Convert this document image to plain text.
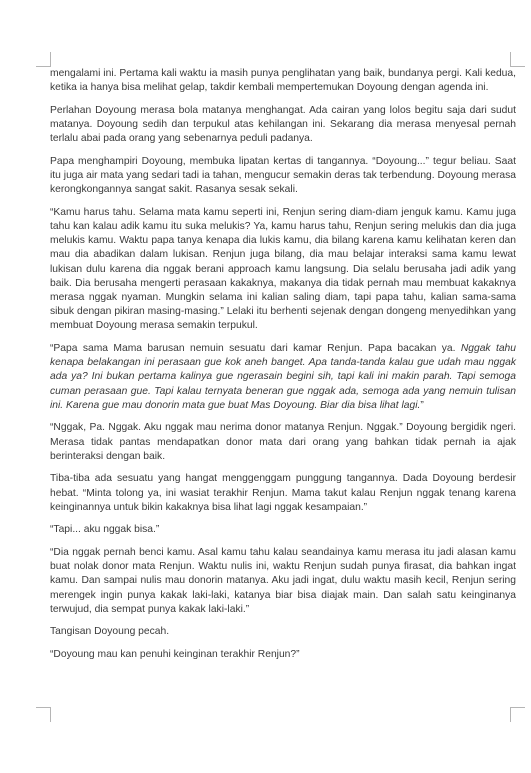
mengalami ini. Pertama kali waktu ia masih punya penglihatan yang baik, bundanya pergi. Kali kedua, ketika ia hanya bisa melihat gelap, takdir kembali mempertemukan Doyoung dengan agenda ini.

Perlahan Doyoung merasa bola matanya menghangat. Ada cairan yang lolos begitu saja dari sudut matanya. Doyoung sedih dan terpukul atas kehilangan ini. Sekarang dia merasa menyesal pernah terlalu abai pada orang yang sebenarnya peduli padanya.

Papa menghampiri Doyoung, membuka lipatan kertas di tangannya. “Doyoung...” tegur beliau. Saat itu juga air mata yang sedari tadi ia tahan, mengucur semakin deras tak terbendung. Doyoung merasa kerongkongannya sangat sakit. Rasanya sesak sekali.

“Kamu harus tahu. Selama mata kamu seperti ini, Renjun sering diam-diam jenguk kamu. Kamu juga tahu kan kalau adik kamu itu suka melukis? Ya, kamu harus tahu, Renjun sering melukis dan dia juga melukis kamu. Waktu papa tanya kenapa dia lukis kamu, dia bilang karena kamu kelihatan keren dan mau dia abadikan dalam lukisan. Renjun juga bilang, dia mau belajar interaksi sama kamu lewat lukisan dulu karena dia nggak berani approach kamu langsung. Dia selalu berusaha jadi adik yang baik. Dia berusaha mengerti perasaan kakaknya, makanya dia tidak pernah mau membuat kakaknya merasa nggak nyaman. Mungkin selama ini kalian saling diam, tapi papa tahu, kalian sama-sama sibuk dengan pikiran masing-masing.” Lelaki itu berhenti sejenak dengan dongeng menyedihkan yang membuat Doyoung merasa semakin terpukul.

“Papa sama Mama barusan nemuin sesuatu dari kamar Renjun. Papa bacakan ya. Nggak tahu kenapa belakangan ini perasaan gue kok aneh banget. Apa tanda-tanda kalau gue udah mau nggak ada ya? Ini bukan pertama kalinya gue ngerasain begini sih, tapi kali ini makin parah. Tapi semoga cuman perasaan gue. Tapi kalau ternyata beneran gue nggak ada, semoga ada yang nemuin tulisan ini. Karena gue mau donorin mata gue buat Mas Doyoung. Biar dia bisa lihat lagi.”

“Nggak, Pa. Nggak. Aku nggak mau nerima donor matanya Renjun. Nggak.” Doyoung bergidik ngeri. Merasa tidak pantas mendapatkan donor mata dari orang yang bahkan tidak pernah ia ajak berinteraksi dengan baik.

Tiba-tiba ada sesuatu yang hangat menggenggam punggung tangannya. Dada Doyoung berdesir hebat. “Minta tolong ya, ini wasiat terakhir Renjun. Mama takut kalau Renjun nggak tenang karena keinginannya untuk bikin kakaknya bisa lihat lagi nggak kesampaian.”

“Tapi... aku nggak bisa.”

“Dia nggak pernah benci kamu. Asal kamu tahu kalau seandainya kamu merasa itu jadi alasan kamu buat nolak donor mata Renjun. Waktu nulis ini, waktu Renjun sudah punya firasat, dia bahkan ingat kamu. Dan sampai nulis mau donorin matanya. Aku jadi ingat, dulu waktu masih kecil, Renjun sering merengek ingin punya kakak laki-laki, katanya biar bisa diajak main. Dan salah satu keinginanya terwujud, dia sempat punya kakak laki-laki.”

Tangisan Doyoung pecah.

“Doyoung mau kan penuhi keinginan terakhir Renjun?”
